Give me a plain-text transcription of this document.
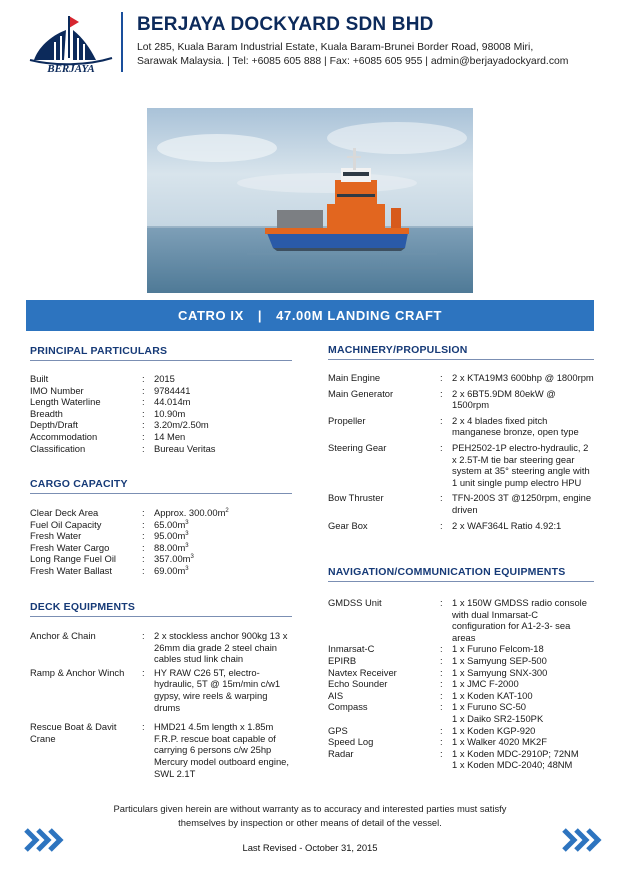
BERJAYA
BERJAYA DOCKYARD SDN BHD
Lot 285, Kuala Baram Industrial Estate, Kuala Baram-Brunei Border Road, 98008 Miri,
Sarawak Malaysia. | Tel: +6085 605 888 | Fax: +6085 605 955 | admin@berjayadockyard.com
CATRO IX | 47.00M LANDING CRAFT
PRINCIPAL PARTICULARS
Built	: 2015
IMO Number	: 9784441
Length Waterline	: 44.014m
Breadth	: 10.90m
Depth/Draft	: 3.20m/2.50m
Accommodation	: 14 Men
Classification	: Bureau Veritas
CARGO CAPACITY
Clear Deck Area	: Approx. $300.00m^2$
Fuel Oil Capacity	: $65.00m^3$
Fresh Water	: $95.00m^3$
Fresh Water Cargo	: $88.00m^3$
Long Range Fuel Oil	: $357.00m^3$
Fresh Water Ballast	: $69.00m^3$
DECK EQUIPMENTS
Anchor & Chain	: 2 x stockless anchor 900kg 13 x 26mm dia grade 2 steel chain cables stud link chain
Ramp & Anchor Winch	: HY RAW C26 5T, electro-hydraulic, 5T @ 15m/min c/w1 gypsy, wire reels & warping drums
Rescue Boat & Davit Crane
: HMD21 4.5m length x 1.85m F.R.P. rescue boat capable of carrying 6 persons c/w 25hp Mercury model outboard engine, SWL 2.1T
MACHINERY/PROPULSION
Main Engine	: 2 x KTA19M3 600bhp @ 1800rpm
Main Generator	: 2 x 6BT5.9DM 80ekW @ 1500rpm
Propeller	: 2 x 4 blades fixed pitch manganese bronze, open type
Steering Gear	: PEH2502-1P electro-hydraulic, 2 x 2.5T-M tie bar steering gear system at 35° steering angle with 1 unit single pump electro HPU
Bow Thruster	: TFN-200S 3T @1250rpm, engine driven
Gear Box	: 2 x WAF364L Ratio 4.92:1
NAVIGATION/COMMUNICATION EQUIPMENTS
GMDSS Unit	: 1 x 150W GMDSS radio console with dual Inmarsat-C configuration for A1-2-3- sea areas
Inmarsat-C	: 1 x Furuno Felcom-18
EPIRB	: 1 x Samyung SEP-500
Navtex Receiver	: 1 x Samyung SNX-300
Echo Sounder	: 1 x JMC F-2000
AIS	: 1 x Koden KAT-100
Compass	: 1 x Furuno SC-50
1 x Daiko SR2-150PK
GPS	: 1 x Koden KGP-920
Speed Log	: 1 x Walker 4020 MK2F
Radar	: 1 x Koden MDC-2910P; 72NM
1 x Koden MDC-2040; 48NM
Particulars given herein are without warranty as to accuracy and interested parties must satisfy
themselves by inspection or other means of detail of the vessel.
Last Revised - October 31, 2015
